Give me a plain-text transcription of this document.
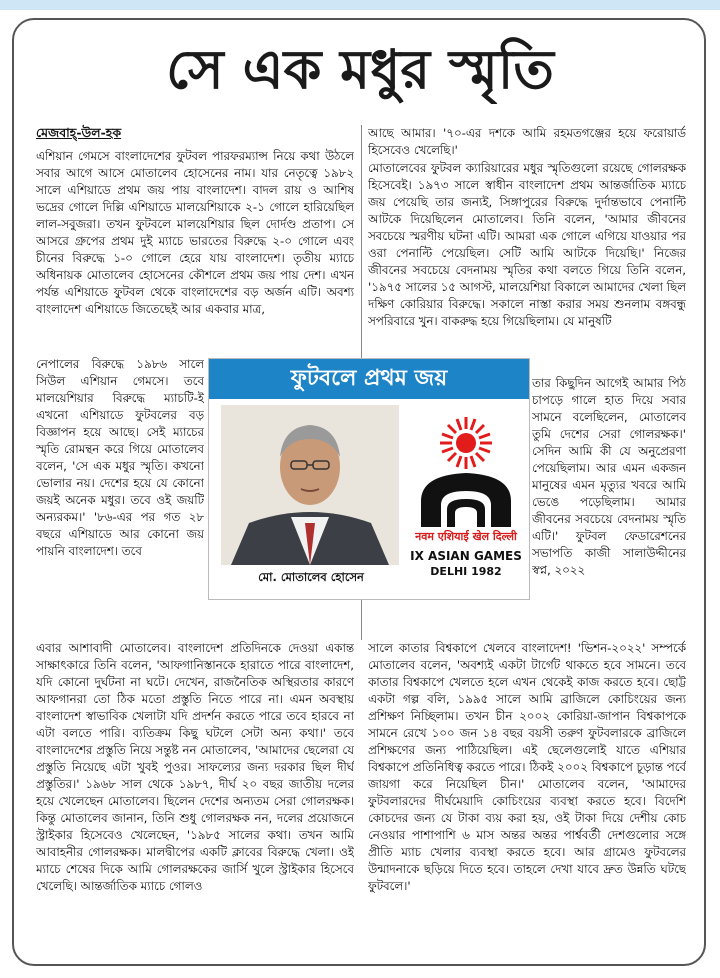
সে এক মধুর স্মৃতি
মেজবাহ্‌-উল-হক

এশিয়ান গেমসে বাংলাদেশের ফুটবল পারফরম্যান্স নিয়ে কথা উঠলে সবার আগে আসে মোতালেব হোসেনের নাম। যার নেতৃত্বে ১৯৮২ সালে এশিয়াডে প্রথম জয় পায় বাংলাদেশ। বাদল রায় ও আশিষ ভদ্রের গোলে দিল্লি এশিয়াডে মালয়েশিয়াকে ২-১ গোলে হারিয়েছিল লাল-সবুজরা। তখন ফুটবলে মালয়েশিয়ার ছিল দোর্দণ্ড প্রতাপ। সে আসরে গ্রুপের প্রথম দুই ম্যাচে ভারতের বিরুদ্ধে ২-০ গোলে এবং চীনের বিরুদ্ধে ১-০ গোলে হেরে যায় বাংলাদেশ। তৃতীয় ম্যাচে অধিনায়ক মোতালেব হোসেনের কৌশলে প্রথম জয় পায় দেশ। এখন পর্যন্ত এশিয়াডে ফুটবল থেকে বাংলাদেশের বড় অর্জন এটি। অবশ্য বাংলাদেশ এশিয়াডে জিতেছেই আর একবার মাত্র,

নেপালের বিরুদ্ধে ১৯৮৬ সালে সিউল এশিয়ান গেমসে। তবে মালয়েশিয়ার বিরুদ্ধে ম্যাচটি-ই এখনো এশিয়াডে ফুটবলের বড় বিজ্ঞাপন হয়ে আছে। সেই ম্যাচের স্মৃতি রোমন্থন করে গিয়ে মোতালেব বলেন, 'সে এক মধুর স্মৃতি। কখনো ভোলার নয়। দেশের হয়ে যে কোনো জয়ই অনেক মধুর। তবে ওই জয়টি অন্যরকম।' '৮৬-এর পর গত ২৮ বছরে এশিয়াডে আর কোনো জয় পায়নি বাংলাদেশ। তবে

এবার আশাবাদী মোতালেব। বাংলাদেশ প্রতিদিনকে দেওয়া একান্ত সাক্ষাৎকারে তিনি বলেন, 'আফগানিস্তানকে হারাতে পারে বাংলাদেশ, যদি কোনো দুর্ঘটনা না ঘটে। দেখেন, রাজনৈতিক অস্থিরতার কারণে আফগানরা তো ঠিক মতো প্রস্তুতি নিতে পারে না। এমন অবস্থায় বাংলাদেশ স্বাভাবিক খেলাটা যদি প্রদর্শন করতে পারে তবে হারবে না এটা বলতে পারি। ব্যতিক্রম কিছু ঘটলে সেটা অন্য কথা।' তবে বাংলাদেশের প্রস্তুতি নিয়ে সন্তুষ্ট নন মোতালেব, 'আমাদের ছেলেরা যে প্রস্তুতি নিয়েছে এটা খুবই পুওর। সাফল্যের জন্য দরকার ছিল দীর্ঘ প্রস্তুতির।' ১৯৬৮ সাল থেকে ১৯৮৭, দীর্ঘ ২০ বছর জাতীয় দলের হয়ে খেলেছেন মোতালেব। ছিলেন দেশের অন্যতম সেরা গোলরক্ষক। কিন্তু মোতালেব জানান, তিনি শুধু গোলরক্ষক নন, দলের প্রয়োজনে স্ট্রাইকার হিসেবেও খেলেছেন, '১৯৮৫ সালের কথা। তখন আমি আবাহনীর গোলরক্ষক। মালদ্বীপের একটি ক্লাবের বিরুদ্ধে খেলা। ওই ম্যাচে শেষের দিকে আমি গোলরক্ষকের জার্সি খুলে স্ট্রাইকার হিসেবে খেলেছি। আন্তর্জাতিক ম্যাচে গোলও

আছে আমার। '৭০-এর দশকে আমি রহমতগঞ্জের হয়ে ফরোয়ার্ড হিসেবেও খেলেছি।'

মোতালেবের ফুটবল ক্যারিয়ারের মধুর স্মৃতিগুলো রয়েছে গোলরক্ষক হিসেবেই। ১৯৭৩ সালে স্বাধীন বাংলাদেশ প্রথম আন্তর্জাতিক ম্যাচে জয় পেয়েছি তার জন্যই, সিঙ্গাপুরের বিরুদ্ধে দুর্দান্তভাবে পেনাল্টি আটকে দিয়েছিলেন মোতালেব। তিনি বলেন, 'আমার জীবনের সবচেয়ে স্মরণীয় ঘটনা এটি। আমরা এক গোলে এগিয়ে যাওয়ার পর ওরা পেনাল্টি পেয়েছিল। সেটি আমি আটকে দিয়েছি।' নিজের জীবনের সবচেয়ে বেদনাময় স্মৃতির কথা বলতে গিয়ে তিনি বলেন, '১৯৭৫ সালের ১৫ আগস্ট, মালয়েশিয়া বিকালে আমাদের খেলা ছিল দক্ষিণ কোরিয়ার বিরুদ্ধে। সকালে নাস্তা করার সময় শুনলাম বঙ্গবন্ধু সপরিবারে খুন। বাকরুদ্ধ হয়ে গিয়েছিলাম। যে মানুষটি

তার কিছুদিন আগেই আমার পিঠ চাপড়ে গালে হাত দিয়ে সবার সামনে বলেছিলেন, মোতালেব তুমি দেশের সেরা গোলরক্ষক।' সেদিন আমি কী যে অনুপ্রেরণা পেয়েছিলাম। আর এমন একজন মানুষের এমন মৃত্যুর খবরে আমি ভেঙে পড়েছিলাম। আমার জীবনের সবচেয়ে বেদনাময় স্মৃতি এটি।' ফুটবল ফেডারেশনের সভাপতি কাজী সালাউদ্দীনের স্বপ্ন, ২০২২

সালে কাতার বিশ্বকাপে খেলবে বাংলাদেশ! 'ভিশন-২০২২' সম্পর্কে মোতালেব বলেন, 'অবশ্যই একটা টার্গেট থাকতে হবে সামনে। তবে কাতার বিশ্বকাপে খেলতে হলে এখন থেকেই কাজ করতে হবে। ছোট্ট একটা গল্প বলি, ১৯৯৫ সালে আমি ব্রাজিলে কোচিংয়ের জন্য প্রশিক্ষণ নিচ্ছিলাম। তখন চীন ২০০২ কোরিয়া-জাপান বিশ্বকাপকে সামনে রেখে ১০০ জন ১৪ বছর বয়সী তরুণ ফুটবলারকে ব্রাজিলে প্রশিক্ষণের জন্য পাঠিয়েছিল। এই ছেলেগুলোই যাতে এশিয়ার বিশ্বকাপে প্রতিনিধিত্ব করতে পারে। ঠিকই ২০০২ বিশ্বকাপে চূড়ান্ত পর্বে জায়গা করে নিয়েছিল চীন।' মোতালেব বলেন, 'আমাদের ফুটবলারদের দীর্ঘমেয়াদি কোচিংয়ের ব্যবস্থা করতে হবে। বিদেশি কোচদের জন্য যে টাকা ব্যয় করা হয়, ওই টাকা দিয়ে দেশীয় কোচ নেওয়ার পাশাপাশি ৬ মাস অন্তর অন্তর পার্শ্ববর্তী দেশগুলোর সঙ্গে প্রীতি ম্যাচ খেলার ব্যবস্থা করতে হবে। আর গ্রামেও ফুটবলের উন্মাদনাকে ছড়িয়ে দিতে হবে। তাহলে দেখা যাবে দ্রুত উন্নতি ঘটছে ফুটবলে।'

ফুটবলে প্রথম জয়
মো. মোতালেব হোসেন
नवम एशियाई खेल दिल्ली
IX ASIAN GAMES
DELHI 1982
